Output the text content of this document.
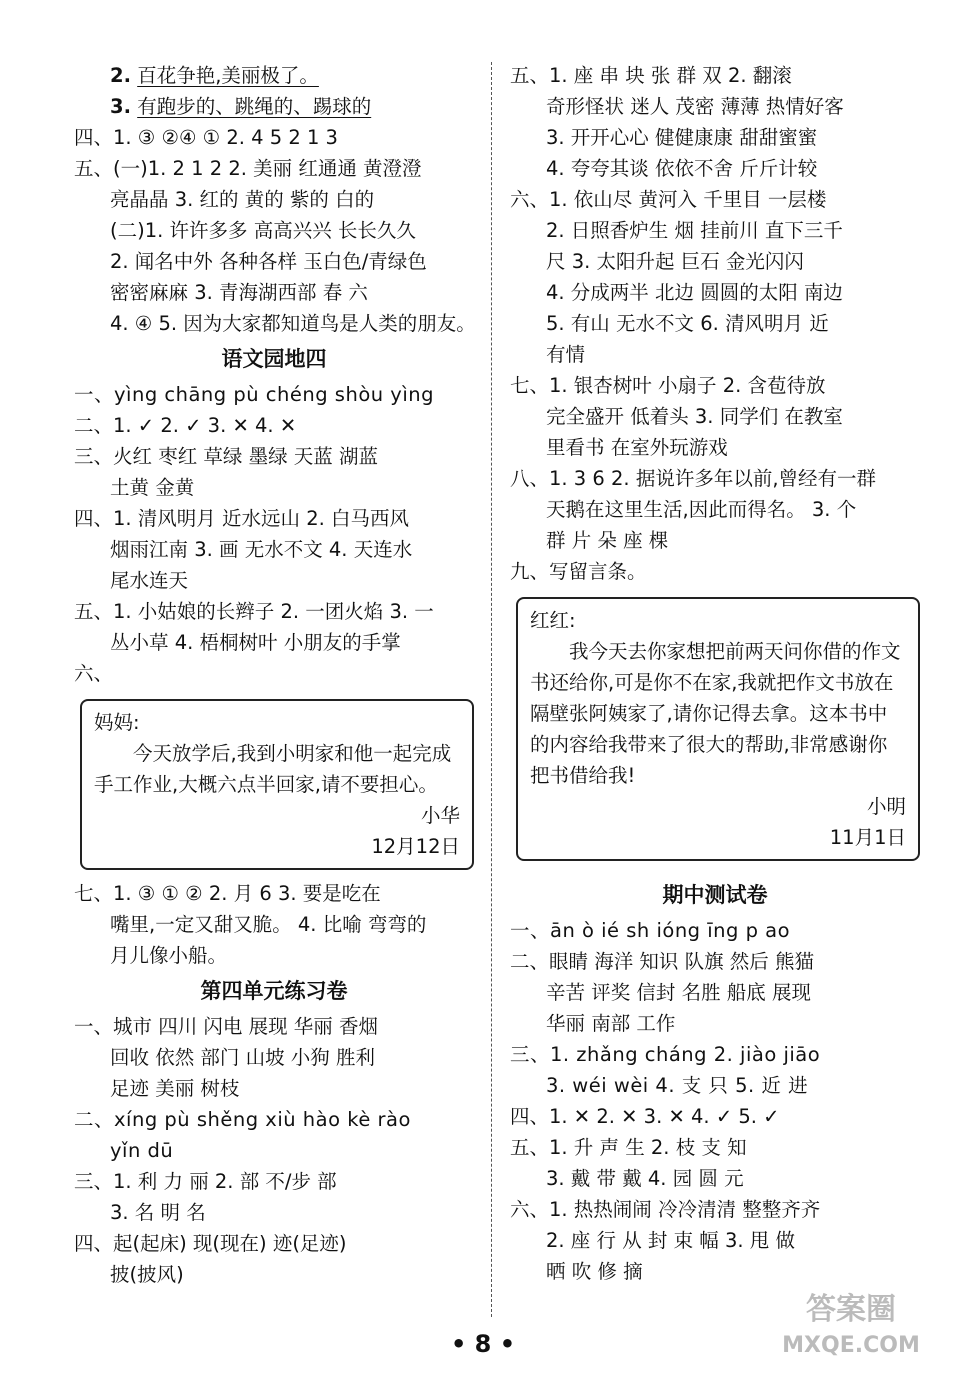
2. 百花争艳,美丽极了。
3. 有跑步的、跳绳的、踢球的
四、1. ③ ②④ ① 2. 4 5 2 1 3
五、(一)1. 2 1 2 2. 美丽 红通通 黄澄澄
亮晶晶 3. 红的 黄的 紫的 白的
(二)1. 许许多多 高高兴兴 长长久久
2. 闻名中外 各种各样 玉白色/青绿色
密密麻麻 3. 青海湖西部 春 六
4. ④ 5. 因为大家都知道鸟是人类的朋友。
语文园地四
一、yìng chāng pù chéng shòu yìng
二、1. ✓ 2. ✓ 3. ✕ 4. ✕
三、火红 枣红 草绿 墨绿 天蓝 湖蓝
土黄 金黄
四、1. 清风明月 近水远山 2. 白马西风
烟雨江南 3. 画 无水不文 4. 天连水
尾水连天
五、1. 小姑娘的长辫子 2. 一团火焰 3. 一
丛小草 4. 梧桐树叶 小朋友的手掌
六、
妈妈:
今天放学后,我到小明家和他一起完成手工作业,大概六点半回家,请不要担心。
小华
12月12日
七、1. ③ ① ② 2. 月 6 3. 要是吃在
嘴里,一定又甜又脆。 4. 比喻 弯弯的
月儿像小船。
第四单元练习卷
一、城市 四川 闪电 展现 华丽 香烟
回收 依然 部门 山坡 小狗 胜利
足迹 美丽 树枝
二、xíng pù shěng xiù hào kè rào
yǐn dū
三、1. 利 力 丽 2. 部 不/步 部
3. 名 明 名
四、起(起床) 现(现在) 迹(足迹)
披(披风)
五、1. 座 串 块 张 群 双 2. 翻滚
奇形怪状 迷人 茂密 薄薄 热情好客
3. 开开心心 健健康康 甜甜蜜蜜
4. 夸夸其谈 依依不舍 斤斤计较
六、1. 依山尽 黄河入 千里目 一层楼
2. 日照香炉生 烟 挂前川 直下三千
尺 3. 太阳升起 巨石 金光闪闪
4. 分成两半 北边 圆圆的太阳 南边
5. 有山 无水不文 6. 清风明月 近
有情
七、1. 银杏树叶 小扇子 2. 含苞待放
完全盛开 低着头 3. 同学们 在教室
里看书 在室外玩游戏
八、1. 3 6 2. 据说许多年以前,曾经有一群
天鹅在这里生活,因此而得名。 3. 个
群 片 朵 座 棵
九、写留言条。
红红:
我今天去你家想把前两天问你借的作文书还给你,可是你不在家,我就把作文书放在隔壁张阿姨家了,请你记得去拿。这本书中的内容给我带来了很大的帮助,非常感谢你把书借给我!
小明
11月1日
期中测试卷
一、ān ò ié sh ióng īng p ao
二、眼睛 海洋 知识 队旗 然后 熊猫
辛苦 评奖 信封 名胜 船底 展现
华丽 南部 工作
三、1. zhǎng cháng 2. jiào jiāo
3. wéi wèi 4. 支 只 5. 近 进
四、1. ✕ 2. ✕ 3. ✕ 4. ✓ 5. ✓
五、1. 升 声 生 2. 枝 支 知
3. 戴 带 戴 4. 园 圆 元
六、1. 热热闹闹 冷冷清清 整整齐齐
2. 座 行 从 封 束 幅 3. 甩 做
晒 吹 修 摘
• 8 •
答案圈
MXQE.COM
